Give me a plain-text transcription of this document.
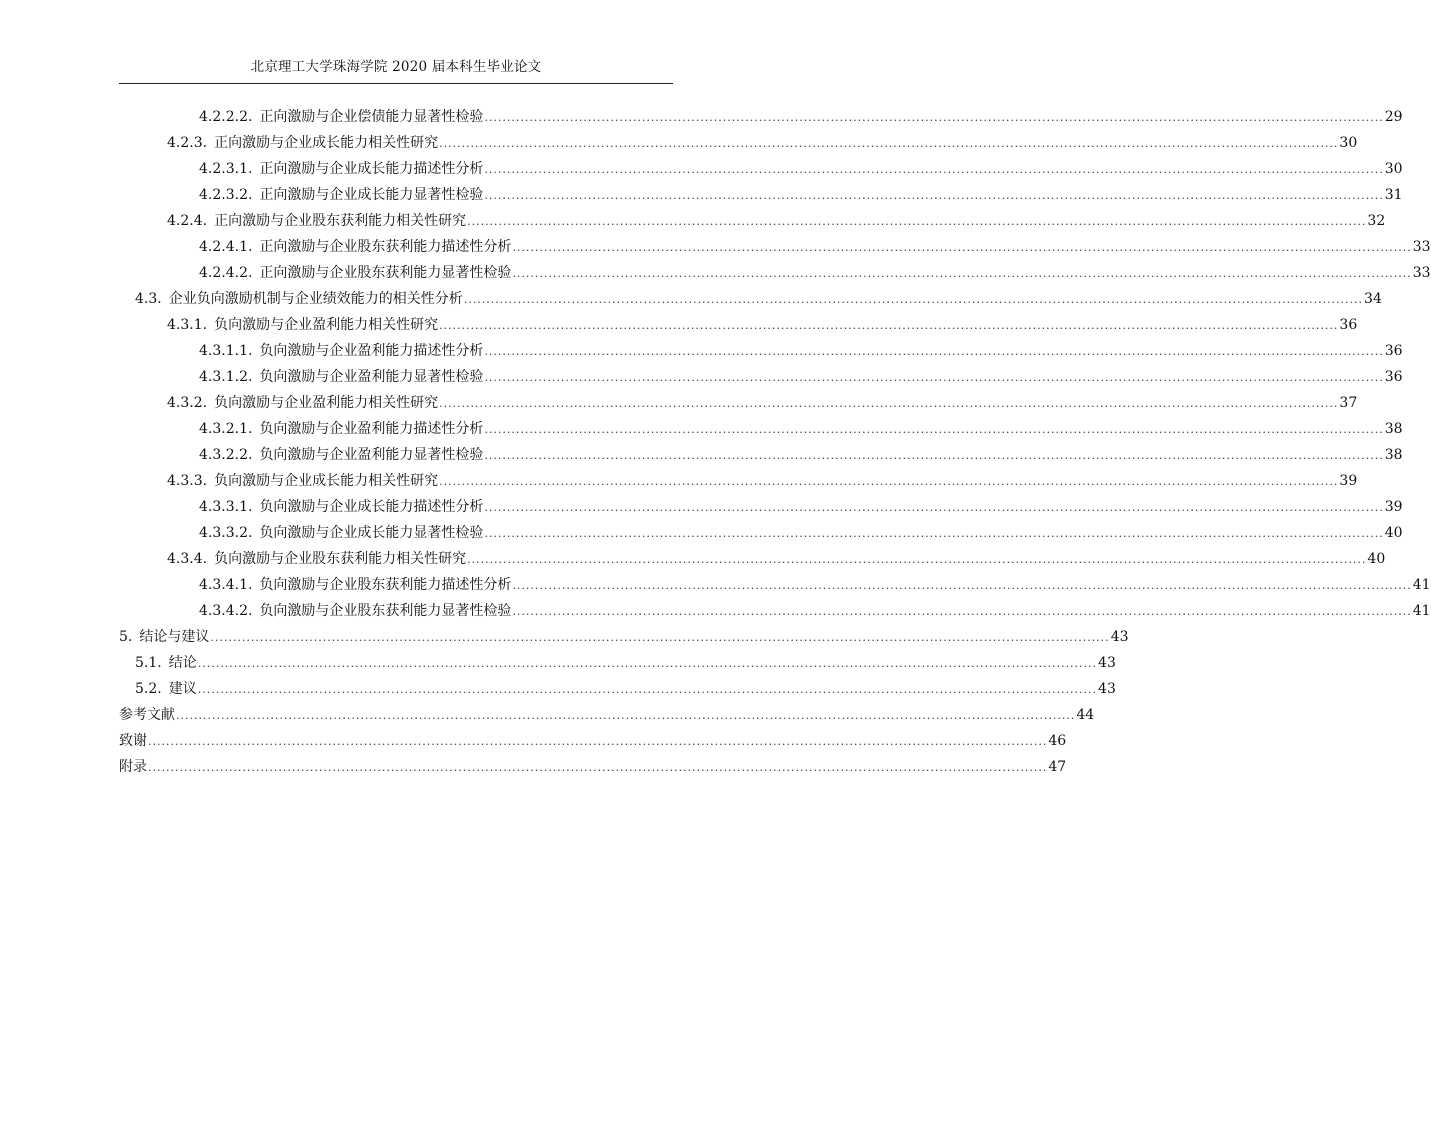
北京理工大学珠海学院 2020 届本科生毕业论文
4.2.2.2. 正向激励与企业偿债能力显著性检验 ........................................................................................................................................................................................................ 29
4.2.3. 正向激励与企业成长能力相关性研究 ........................................................................................................................................................................................................ 30
4.2.3.1. 正向激励与企业成长能力描述性分析 ........................................................................................................................................................................................................ 30
4.2.3.2. 正向激励与企业成长能力显著性检验 ........................................................................................................................................................................................................ 31
4.2.4. 正向激励与企业股东获利能力相关性研究 ........................................................................................................................................................................................................ 32
4.2.4.1. 正向激励与企业股东获利能力描述性分析 ........................................................................................................................................................................................................ 33
4.2.4.2. 正向激励与企业股东获利能力显著性检验 ........................................................................................................................................................................................................ 33
4.3. 企业负向激励机制与企业绩效能力的相关性分析 ........................................................................................................................................................................................................ 34
4.3.1. 负向激励与企业盈利能力相关性研究 ........................................................................................................................................................................................................ 36
4.3.1.1. 负向激励与企业盈利能力描述性分析 ........................................................................................................................................................................................................ 36
4.3.1.2. 负向激励与企业盈利能力显著性检验 ........................................................................................................................................................................................................ 36
4.3.2. 负向激励与企业盈利能力相关性研究 ........................................................................................................................................................................................................ 37
4.3.2.1. 负向激励与企业盈利能力描述性分析 ........................................................................................................................................................................................................ 38
4.3.2.2. 负向激励与企业盈利能力显著性检验 ........................................................................................................................................................................................................ 38
4.3.3. 负向激励与企业成长能力相关性研究 ........................................................................................................................................................................................................ 39
4.3.3.1. 负向激励与企业成长能力描述性分析 ........................................................................................................................................................................................................ 39
4.3.3.2. 负向激励与企业成长能力显著性检验 ........................................................................................................................................................................................................ 40
4.3.4. 负向激励与企业股东获利能力相关性研究 ........................................................................................................................................................................................................ 40
4.3.4.1. 负向激励与企业股东获利能力描述性分析 ........................................................................................................................................................................................................ 41
4.3.4.2. 负向激励与企业股东获利能力显著性检验 ........................................................................................................................................................................................................ 41
5. 结论与建议 ........................................................................................................................................................................................................ 43
5.1. 结论 ........................................................................................................................................................................................................ 43
5.2. 建议 ........................................................................................................................................................................................................ 43
参考文献 ........................................................................................................................................................................................................ 44
致谢 ........................................................................................................................................................................................................ 46
附录 ........................................................................................................................................................................................................ 47
